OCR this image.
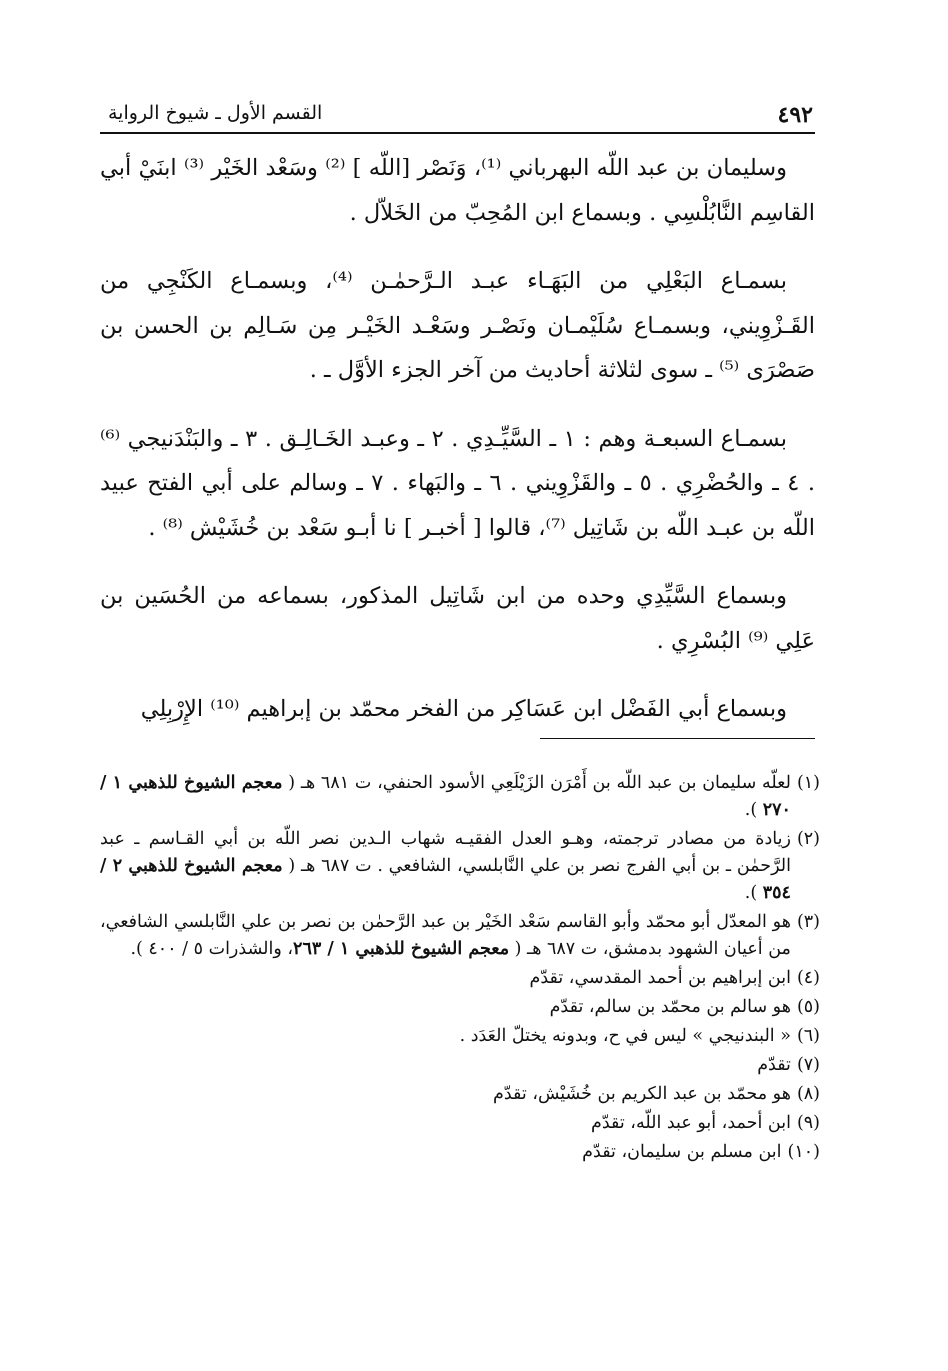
٤٩٢
القسم الأول ـ شيوخ الرواية

وسليمان بن عبد اللّه البهرباني ⁽¹⁾، وَنَصْر [اللّه ] ⁽²⁾ وسَعْد الخَيْر ⁽³⁾ ابنَيْ أبي القاسِم النَّابُلْسِي . وبسماع ابن المُحِبّ من الخَلاّل .

بسمـاع البَعْلِي من البَهَـاء عبـد الـرَّحمٰـن ⁽⁴⁾، وبسمـاع الكَنْجِي من القَـزْوِيني، وبسمـاع سُلَيْمـان ونَصْـر وسَعْـد الخَيْـر مِن سَـالِم بن الحسن بن صَصْرَى ⁽⁵⁾ ـ سوى لثلاثة أحاديث من آخر الجزء الأوَّل ـ .

بسمـاع السبعـة وهم : ١ ـ السَّيِّـدِي . ٢ ـ وعبـد الخَـالِـق . ٣ ـ والبَنْدَنيجي ⁽⁶⁾ . ٤ ـ والحُضْرِي . ٥ ـ والقَزْوِيني . ٦ ـ والبَهاء . ٧ ـ وسالم على أبي الفتح عبيد اللّه بن عبـد اللّه بن شَاتِيل ⁽⁷⁾، قالوا [ أخبـر ] نا أبـو سَعْد بن خُشَيْش ⁽⁸⁾ .

وبسماع السَّيِّدِي وحده من ابن شَاتِيل المذكور، بسماعه من الحُسَين بن عَلِي ⁽⁹⁾ البُسْرِي .

وبسماع أبي الفَضْل ابن عَسَاكِر من الفخر محمّد بن إبراهيم ⁽¹⁰⁾ الإِرْبِلِي

(١)
لعلّه سليمان بن عبد اللّه بن أَمْرَن الزَيْلَعِي الأسود الحنفي، ت ٦٨١ هـ ( معجم الشيوخ للذهبي ١ / ٢٧٠ ).
(٢)
زيادة من مصادر ترجمته، وهـو العدل الفقيـه شهاب الـدين نصر اللّه بن أبي القـاسم ـ عبد الرَّحمٰن ـ بن أبي الفرج نصر بن علي النَّابلسي، الشافعي . ت ٦٨٧ هـ ( معجم الشيوخ للذهبي ٢ / ٣٥٤ ).
(٣)
هو المعدّل أبو محمّد وأبو القاسم سَعْد الخَيْر بن عبد الرَّحمٰن بن نصر بن علي النَّابلسي الشافعي، من أعيان الشهود بدمشق، ت ٦٨٧ هـ ( معجم الشيوخ للذهبي ١ / ٢٦٣، والشذرات ٥ / ٤٠٠ ).
(٤)
ابن إبراهيم بن أحمد المقدسي، تقدّم
(٥)
هو سالم بن محمّد بن سالم، تقدّم
(٦)
« البندنيجي » ليس في ح، وبدونه يختلّ العَدَد .
(٧)
تقدّم
(٨)
هو محمّد بن عبد الكريم بن خُشَيْش، تقدّم
(٩)
ابن أحمد، أبو عبد اللّه، تقدّم
(١٠)
ابن مسلم بن سليمان، تقدّم
